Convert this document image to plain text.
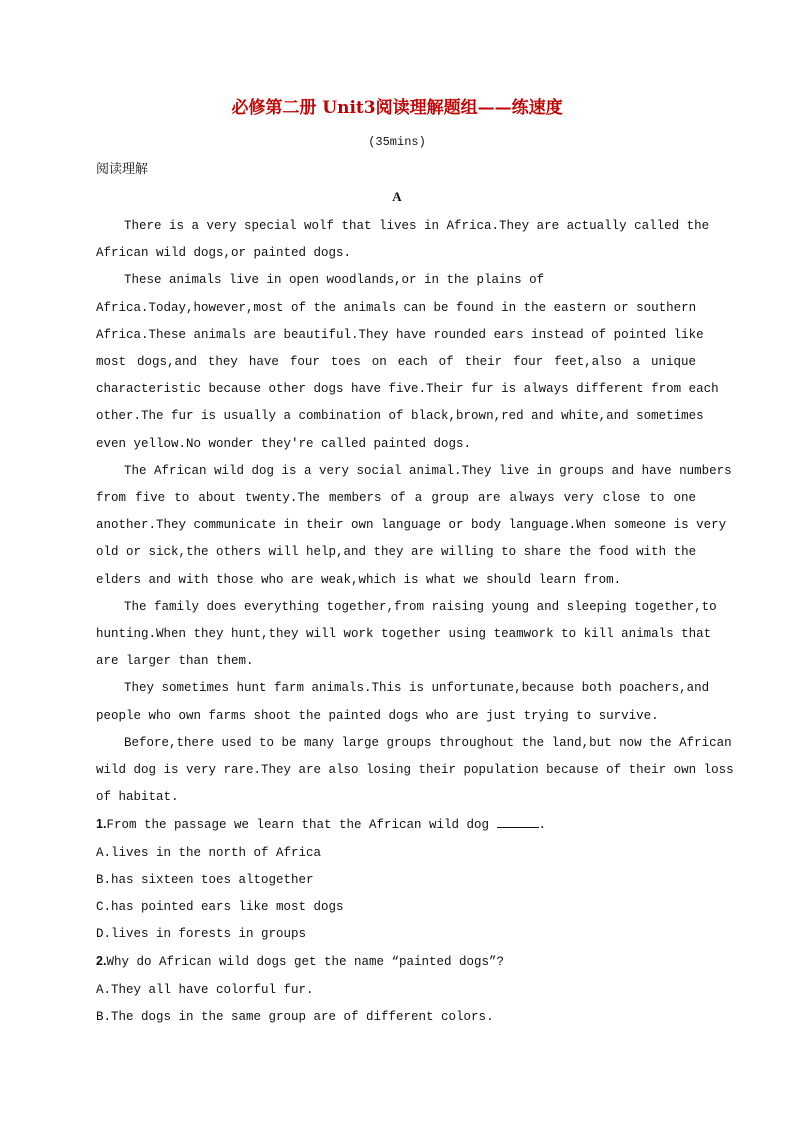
必修第二册 Unit3阅读理解题组——练速度
(35mins)
阅读理解
A

There is a very special wolf that lives in Africa.They are actually called the
African wild dogs,or painted dogs.

These animals live in open woodlands,or in the plains of
Africa.Today,however,most of the animals can be found in the eastern or southern
Africa.These animals are beautiful.They have rounded ears instead of pointed like
most dogs,and they have four toes on each of their four feet,also a unique
characteristic because other dogs have five.Their fur is always different from each
other.The fur is usually a combination of black,brown,red and white,and sometimes
even yellow.No wonder they're called painted dogs.

The African wild dog is a very social animal.They live in groups and have numbers
from five to about twenty.The members of a group are always very close to one
another.They communicate in their own language or body language.When someone is very
old or sick,the others will help,and they are willing to share the food with the
elders and with those who are weak,which is what we should learn from.

The family does everything together,from raising young and sleeping together,to
hunting.When they hunt,they will work together using teamwork to kill animals that
are larger than them.

They sometimes hunt farm animals.This is unfortunate,because both poachers,and
people who own farms shoot the painted dogs who are just trying to survive.

Before,there used to be many large groups throughout the land,but now the African
wild dog is very rare.They are also losing their population because of their own loss
of habitat.

1.From the passage we learn that the African wild dog	.

A.lives in the north of Africa

B.has sixteen toes altogether

C.has pointed ears like most dogs

D.lives in forests in groups

2.Why do African wild dogs get the name “painted dogs”?

A.They all have colorful fur.

B.The dogs in the same group are of different colors.
